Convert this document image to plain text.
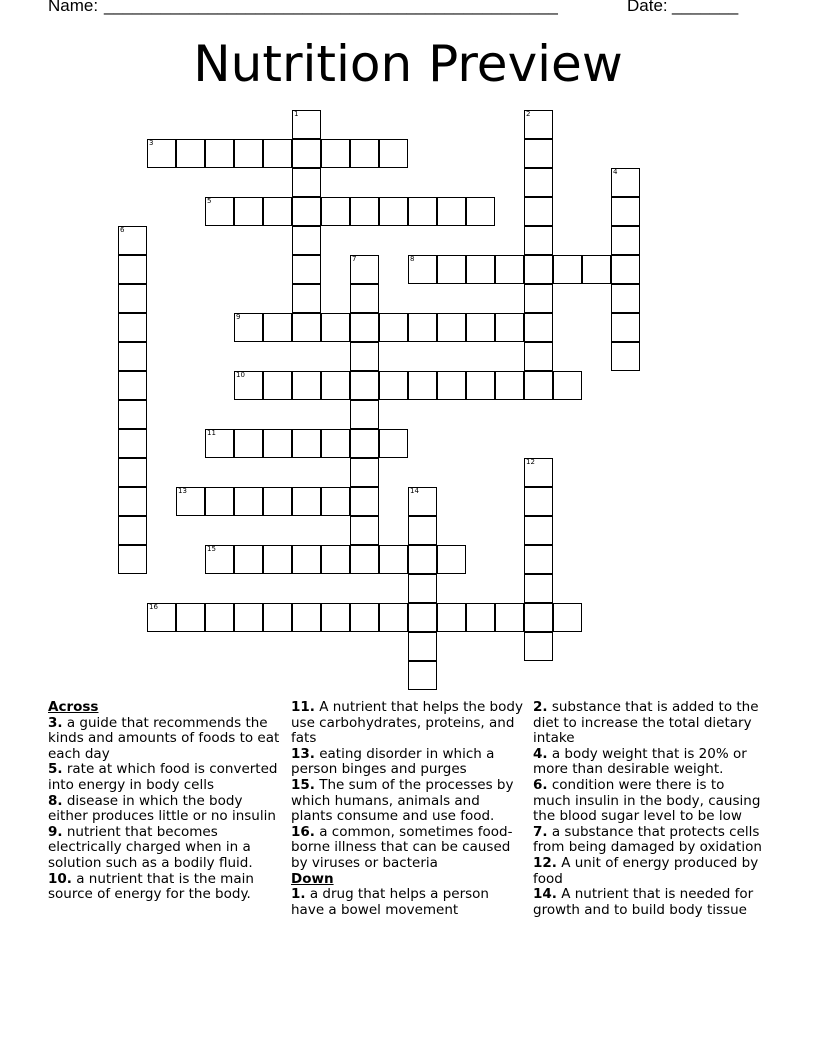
Name: ________________________________________________	Date: _______
Nutrition Preview
1	2
3
4
5
6
7	8
9
10
11
12
13	14
15
16
Across
3. a guide that recommends the kinds and amounts of foods to eat each day
5. rate at which food is converted into energy in body cells
8. disease in which the body either produces little or no insulin
9. nutrient that becomes electrically charged when in a solution such as a bodily fluid.
10. a nutrient that is the main source of energy for the body.
11. A nutrient that helps the body use carbohydrates, proteins, and fats
13. eating disorder in which a person binges and purges
15. The sum of the processes by which humans, animals and plants consume and use food.
16. a common, sometimes food-borne illness that can be caused by viruses or bacteria
Down
1. a drug that helps a person have a bowel movement
2. substance that is added to the diet to increase the total dietary intake
4. a body weight that is 20% or more than desirable weight.
6. condition were there is to much insulin in the body, causing the blood sugar level to be low
7. a substance that protects cells from being damaged by oxidation
12. A unit of energy produced by food
14. A nutrient that is needed for growth and to build body tissue
